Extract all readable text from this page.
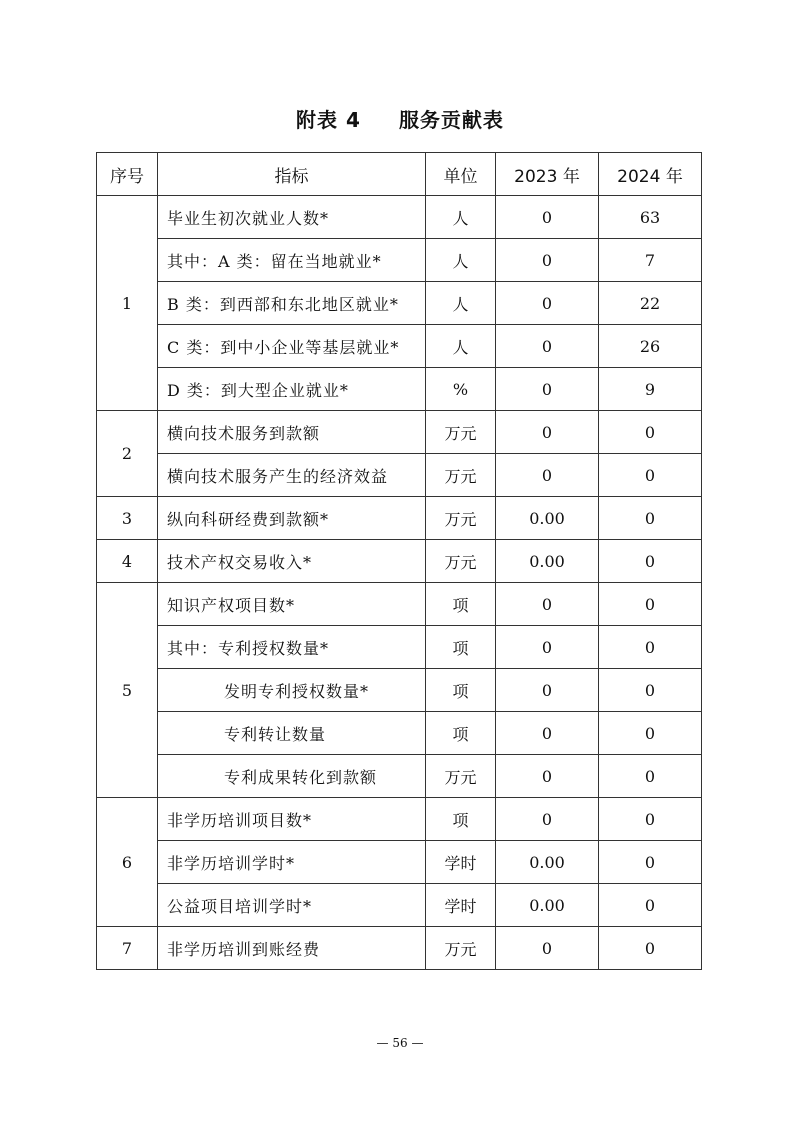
附表 4 服务贡献表
序号	指标	单位	2023 年	2024 年
1	毕业生初次就业人数*	人	0	63
	其中：A 类：留在当地就业*	人	0	7
	B 类：到西部和东北地区就业*	人	0	22
	C 类：到中小企业等基层就业*	人	0	26
	D 类：到大型企业就业*	%	0	9
2	横向技术服务到款额	万元	0	0
	横向技术服务产生的经济效益	万元	0	0
3	纵向科研经费到款额*	万元	0.00	0
4	技术产权交易收入*	万元	0.00	0
5	知识产权项目数*	项	0	0
	其中：专利授权数量*	项	0	0
	发明专利授权数量*	项	0	0
	专利转让数量	项	0	0
	专利成果转化到款额	万元	0	0
6	非学历培训项目数*	项	0	0
	非学历培训学时*	学时	0.00	0
	公益项目培训学时*	学时	0.00	0
7	非学历培训到账经费	万元	0	0
— 56 —
